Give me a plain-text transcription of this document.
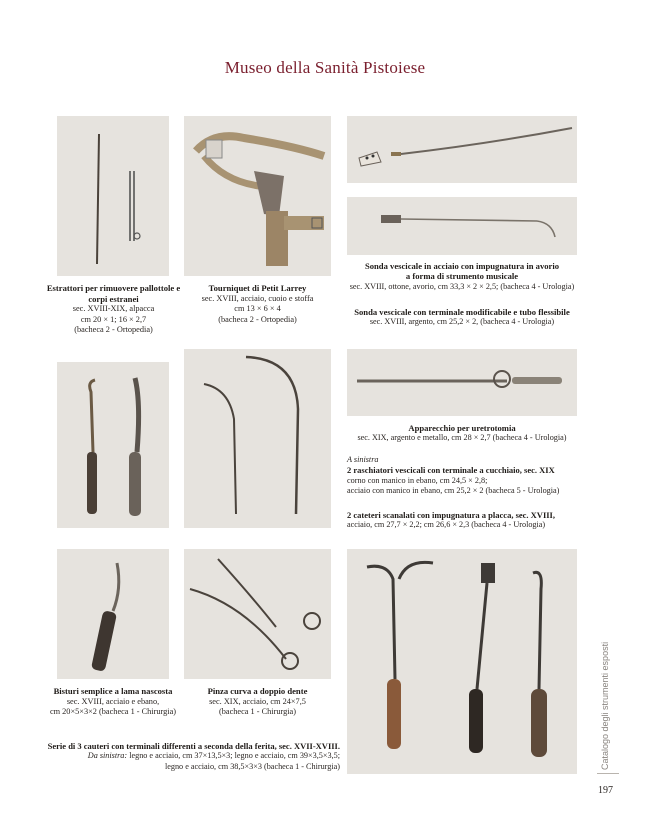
Museo della Sanità Pistoiese
Estrattori per rimuovere pallottole e corpi estranei
sec. XVIII-XIX, alpacca
cm 20 × 1; 16 × 2,7
(bacheca 2 - Ortopedia)
Tourniquet di Petit Larrey
sec. XVIII, acciaio, cuoio e stoffa
cm 13 × 6 × 4
(bacheca 2 - Ortopedia)
Sonda vescicale in acciaio con impugnatura in avorio
a forma di strumento musicale
sec. XVIII, ottone, avorio, cm 33,3 × 2 × 2,5; (bacheca 4 - Urologia)
Sonda vescicale con terminale modificabile e tubo flessibile
sec. XVIII, argento, cm 25,2 × 2, (bacheca 4 - Urologia)
Apparecchio per uretrotomia
sec. XIX, argento e metallo, cm 28 × 2,7 (bacheca 4 - Urologia)
A sinistra
2 raschiatori vescicali con terminale a cucchiaio, sec. XIX
corno con manico in ebano, cm 24,5 × 2,8;
acciaio con manico in ebano, cm 25,2 × 2 (bacheca 5 - Urologia)
2 cateteri scanalati con impugnatura a placca, sec. XVIII,
acciaio, cm 27,7 × 2,2; cm 26,6 × 2,3 (bacheca 4 - Urologia)
Bisturi semplice a lama nascosta
sec. XVIII, acciaio e ebano,
cm 20×5×3×2 (bacheca 1 - Chirurgia)
Pinza curva a doppio dente
sec. XIX, acciaio, cm 24×7,5
(bacheca 1 - Chirurgia)
Serie di 3 cauteri con terminali differenti a seconda della ferita, sec. XVII-XVIII.
Da sinistra: legno e acciaio, cm 37×13,5×3; legno e acciaio, cm 39×3,5×3,5;
legno e acciaio, cm 38,5×3×3 (bacheca 1 - Chirurgia)	Catalogo degli strumenti esposti
197
